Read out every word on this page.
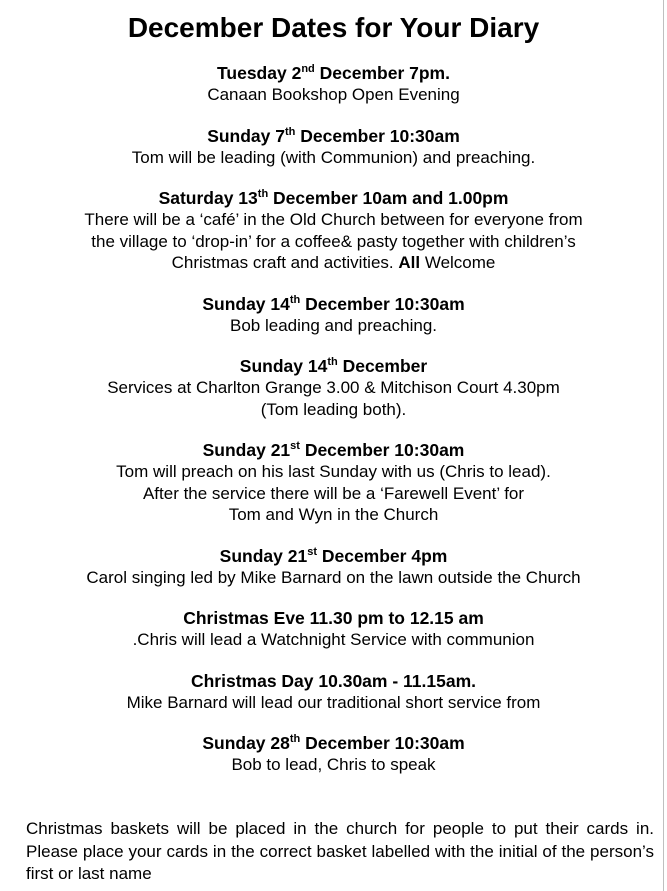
December Dates for Your Diary

Tuesday 2nd December 7pm.

Canaan Bookshop Open Evening

Sunday 7th December 10:30am

Tom will be leading (with Communion) and preaching.

Saturday 13th December 10am and 1.00pm

There will be a ‘café’ in the Old Church between for everyone from

the village to ‘drop-in’ for a coffee& pasty together with children’s

Christmas craft and activities. All Welcome

Sunday 14th December 10:30am

Bob leading and preaching.

Sunday 14th December

Services at Charlton Grange 3.00 & Mitchison Court 4.30pm

(Tom leading both).

Sunday 21st December 10:30am

Tom will preach on his last Sunday with us (Chris to lead).

After the service there will be a ‘Farewell Event’ for

Tom and Wyn in the Church

Sunday 21st December 4pm

Carol singing led by Mike Barnard on the lawn outside the Church

Christmas Eve 11.30 pm to 12.15 am

.Chris will lead a Watchnight Service with communion

Christmas Day 10.30am - 11.15am.

Mike Barnard will lead our traditional short service from

Sunday 28th December 10:30am

Bob to lead, Chris to speak

Christmas baskets will be placed in the church for people to put their cards in. Please place your cards in the correct basket labelled with the initial of the person’s first or last name
